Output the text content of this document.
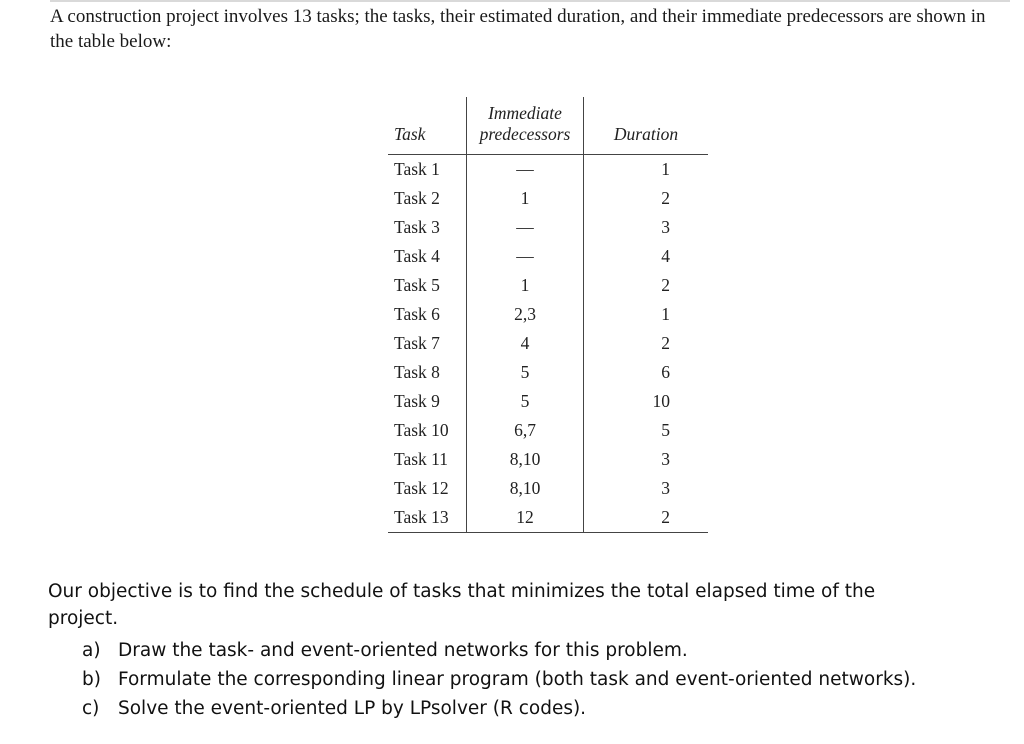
A construction project involves 13 tasks; the tasks, their estimated duration, and their immediate predecessors are shown in the table below:

	Immediate	
Task	predecessors	Duration
Task 1	—	1
Task 2	1	2
Task 3	—	3
Task 4	—	4
Task 5	1	2
Task 6	2,3	1
Task 7	4	2
Task 8	5	6
Task 9	5	10
Task 10	6,7	5
Task 11	8,10	3
Task 12	8,10	3
Task 13	12	2

Our objective is to find the schedule of tasks that minimizes the total elapsed time of the project.

a) Draw the task- and event-oriented networks for this problem.
b) Formulate the corresponding linear program (both task and event-oriented networks).
c)	Solve the event-oriented LP by LPsolver (R codes).
